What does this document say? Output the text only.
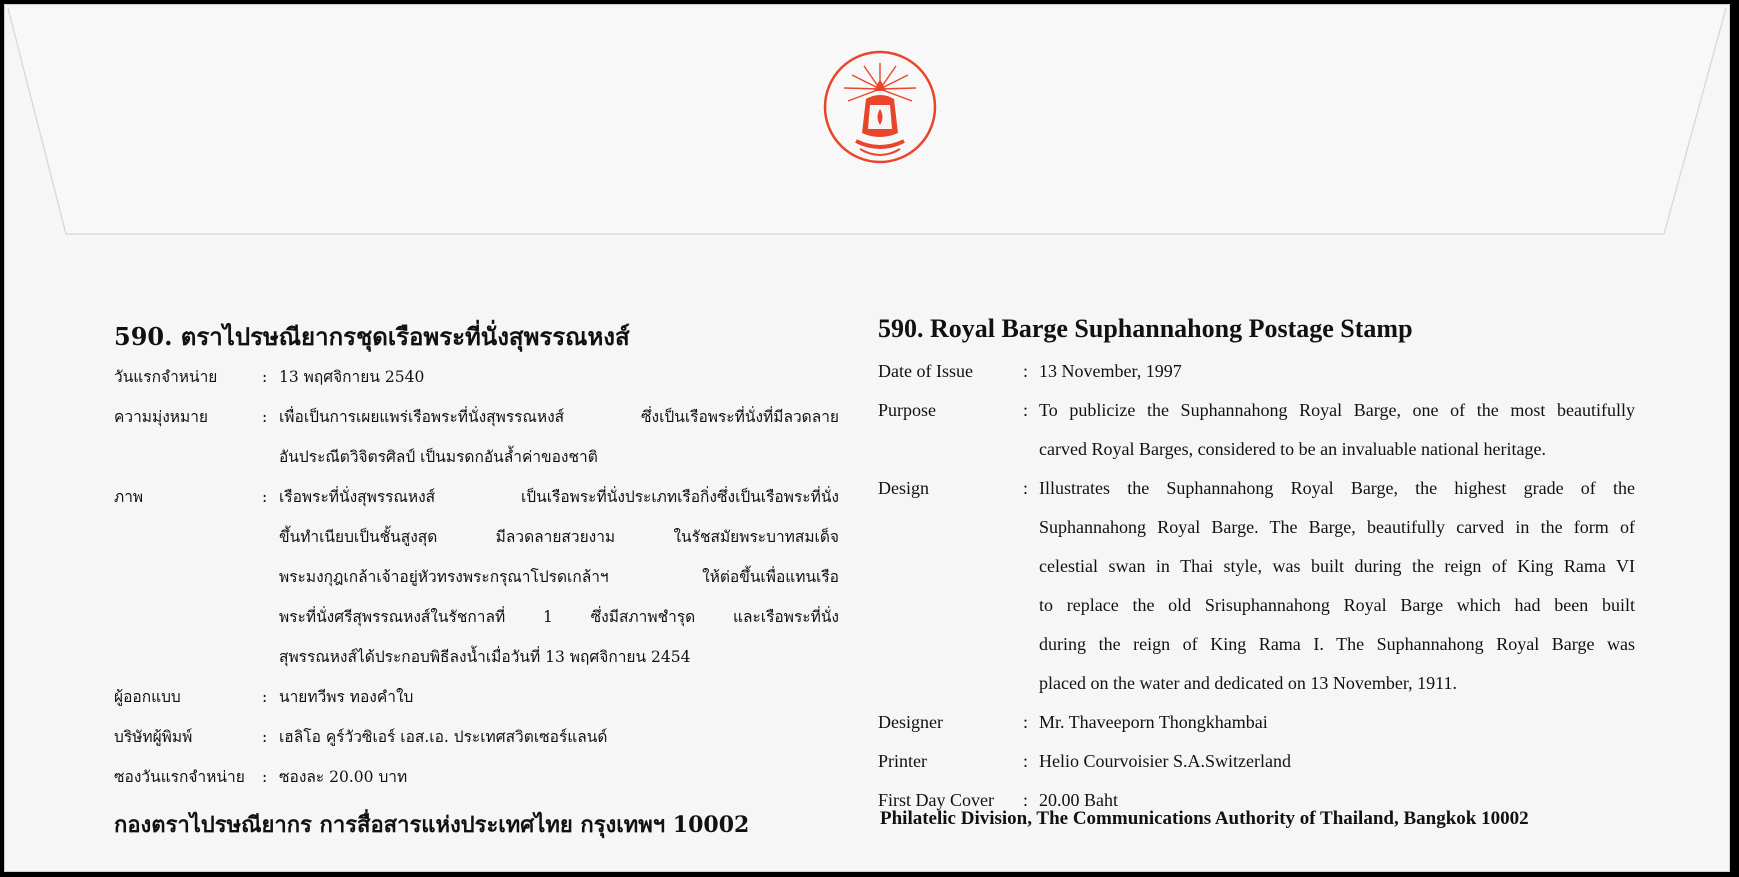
590. ตราไปรษณียากรชุดเรือพระที่นั่งสุพรรณหงส์
วันแรกจำหน่าย	: 13 พฤศจิกายน 2540
ความมุ่งหมาย	: เพื่อเป็นการเผยแพร่เรือพระที่นั่งสุพรรณหงส์ ซึ่งเป็นเรือพระที่นั่งที่มีลวดลาย
อันประณีตวิจิตรศิลป์ เป็นมรดกอันล้ำค่าของชาติ
ภาพ	: เรือพระที่นั่งสุพรรณหงส์ เป็นเรือพระที่นั่งประเภทเรือกิ่งซึ่งเป็นเรือพระที่นั่ง
ขึ้นทำเนียบเป็นชั้นสูงสุด มีลวดลายสวยงาม ในรัชสมัยพระบาทสมเด็จ
พระมงกุฎเกล้าเจ้าอยู่หัวทรงพระกรุณาโปรดเกล้าฯ ให้ต่อขึ้นเพื่อแทนเรือ
พระที่นั่งศรีสุพรรณหงส์ในรัชกาลที่ 1 ซึ่งมีสภาพชำรุด และเรือพระที่นั่ง
สุพรรณหงส์ได้ประกอบพิธีลงน้ำเมื่อวันที่ 13 พฤศจิกายน 2454
ผู้ออกแบบ	: นายทวีพร ทองคำใบ
บริษัทผู้พิมพ์	: เฮลิโอ คูร์วัวซิเอร์ เอส.เอ. ประเทศสวิตเซอร์แลนด์
ซองวันแรกจำหน่าย : ซองละ 20.00 บาท
590. Royal Barge Suphannahong Postage Stamp
Date of Issue	: 13 November, 1997
Purpose	: To publicize the Suphannahong Royal Barge, one of the most beautifully
carved Royal Barges, considered to be an invaluable national heritage.
Design	: Illustrates the Suphannahong Royal Barge, the highest grade of the
Suphannahong Royal Barge. The Barge, beautifully carved in the form of
celestial swan in Thai style, was built during the reign of King Rama VI
to replace the old Srisuphannahong Royal Barge which had been built
during the reign of King Rama I. The Suphannahong Royal Barge was
placed on the water and dedicated on 13 November, 1911.
Designer	: Mr. Thaveeporn Thongkhambai
Printer	: Helio Courvoisier S.A.Switzerland
First Day Cover : 20.00 Baht
กองตราไปรษณียากร การสื่อสารแห่งประเทศไทย กรุงเทพฯ 10002	Philatelic Division, The Communications Authority of Thailand, Bangkok 10002
